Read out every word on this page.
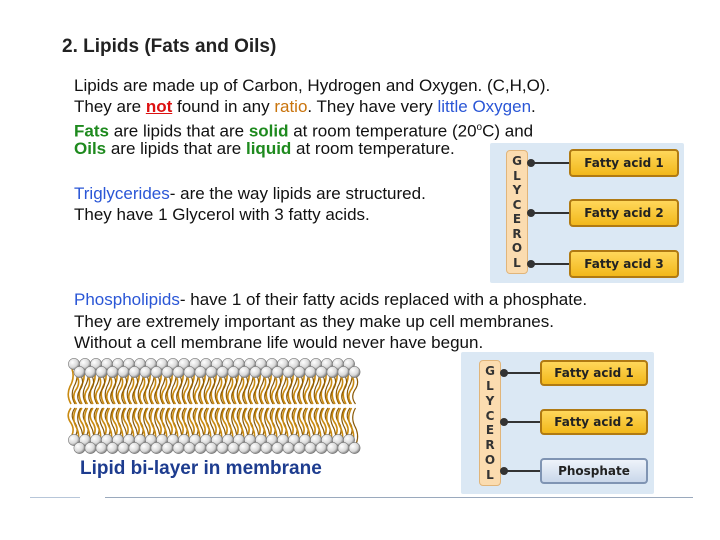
2. Lipids (Fats and Oils)
Lipids are made up of Carbon, Hydrogen and Oxygen. (C,H,O).
They are not found in any ratio. They have very little Oxygen.
Fats are lipids that are solid at room temperature (20$^o$C) and
Oils are lipids that are liquid at room temperature.
Triglycerides- are the way lipids are structured.
They have 1 Glycerol with 3 fatty acids.
Phospholipids- have 1 of their fatty acids replaced with a phosphate.
They are extremely important as they make up cell membranes.
Without a cell membrane life would never have begun.
G
L
Y
C
E
R
O
L
Fatty acid 1
Fatty acid 2
Fatty acid 3
G
L
Y
C
E
R
O
L
Fatty acid 1
Fatty acid 2
Phosphate
Lipid bi-layer in membrane
